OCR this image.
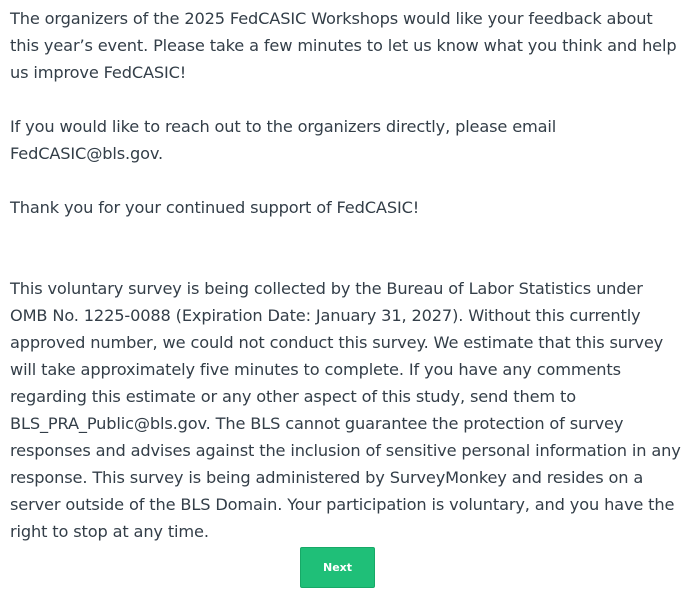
The organizers of the 2025 FedCASIC Workshops would like your feedback about this year’s event. Please take a few minutes to let us know what you think and help us improve FedCASIC!

If you would like to reach out to the organizers directly, please email FedCASIC@bls.gov.

Thank you for your continued support of FedCASIC!

This voluntary survey is being collected by the Bureau of Labor Statistics under OMB No. 1225-0088 (Expiration Date: January 31, 2027). Without this currently approved number, we could not conduct this survey. We estimate that this survey will take approximately five minutes to complete. If you have any comments regarding this estimate or any other aspect of this study, send them to BLS_PRA_Public@bls.gov. The BLS cannot guarantee the protection of survey responses and advises against the inclusion of sensitive personal information in any response. This survey is being administered by SurveyMonkey and resides on a server outside of the BLS Domain. Your participation is voluntary, and you have the right to stop at any time.

Next
